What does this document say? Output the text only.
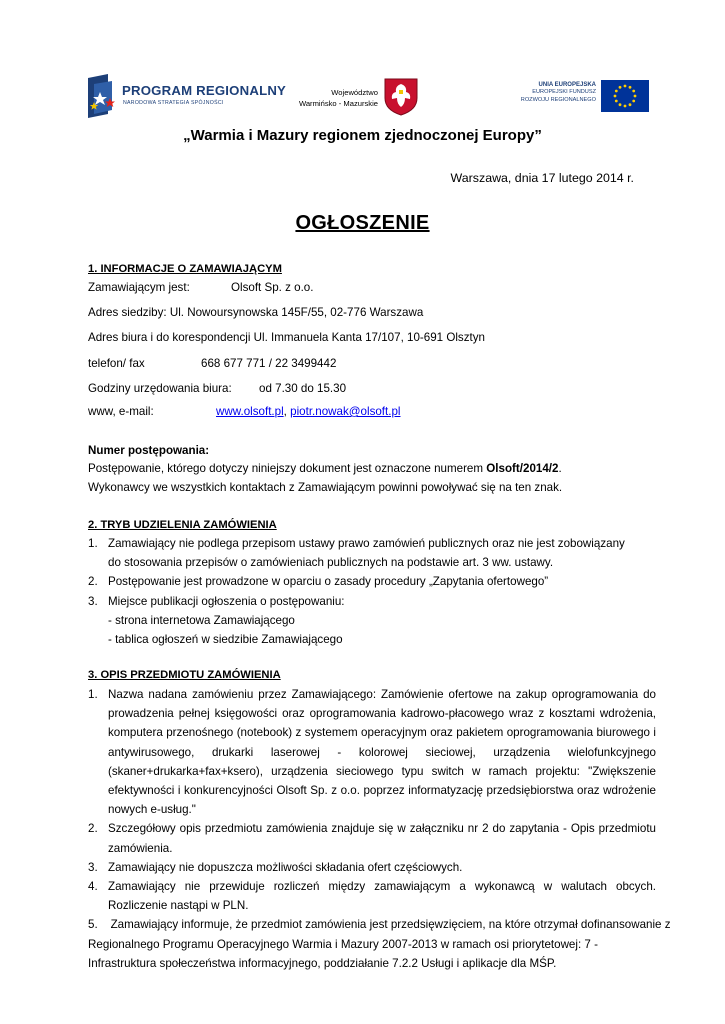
PROGRAM REGIONALNY
NARODOWA STRATEGIA SPÓJNOŚCI
Województwo
Warmińsko - Mazurskie
UNIA EUROPEJSKA
EUROPEJSKI FUNDUSZ
ROZWOJU REGIONALNEGO
„Warmia i Mazury regionem zjednoczonej Europy”
Warszawa, dnia 17 lutego 2014 r.
OGŁOSZENIE
1. INFORMACJE O ZAMAWIAJĄCYM
Zamawiającym jest:	Olsoft Sp. z o.o.
Adres siedziby: Ul. Nowoursynowska 145F/55, 02-776 Warszawa
Adres biura i do korespondencji Ul. Immanuela Kanta 17/107, 10-691 Olsztyn
telefon/ fax	668 677 771 / 22 3499442
Godziny urzędowania biura: od 7.30 do 15.30
www, e-mail:	www.olsoft.pl, piotr.nowak@olsoft.pl
Numer postępowania:
Postępowanie, którego dotyczy niniejszy dokument jest oznaczone numerem Olsoft/2014/2.
Wykonawcy we wszystkich kontaktach z Zamawiającym powinni powoływać się na ten znak.
2. TRYB UDZIELENIA ZAMÓWIENIA
1. Zamawiający nie podlega przepisom ustawy prawo zamówień publicznych oraz nie jest zobowiązany do stosowania przepisów o zamówieniach publicznych na podstawie art. 3 ww. ustawy.
2. Postępowanie jest prowadzone w oparciu o zasady procedury „Zapytania ofertowego”
3. Miejsce publikacji ogłoszenia o postępowaniu:
- strona internetowa Zamawiającego
- tablica ogłoszeń w siedzibie Zamawiającego
3. OPIS PRZEDMIOTU ZAMÓWIENIA
1. Nazwa nadana zamówieniu przez Zamawiającego: Zamówienie ofertowe na zakup oprogramowania do prowadzenia pełnej księgowości oraz oprogramowania kadrowo-płacowego wraz z kosztami wdrożenia, komputera przenośnego (notebook) z systemem operacyjnym oraz pakietem oprogramowania biurowego i antywirusowego, drukarki laserowej - kolorowej sieciowej, urządzenia wielofunkcyjnego (skaner+drukarka+fax+ksero), urządzenia sieciowego typu switch w ramach projektu: "Zwiększenie efektywności i konkurencyjności Olsoft Sp. z o.o. poprzez informatyzację przedsiębiorstwa oraz wdrożenie nowych e-usług."
2. Szczegółowy opis przedmiotu zamówienia znajduje się w załączniku nr 2 do zapytania - Opis przedmiotu zamówienia.
3. Zamawiający nie dopuszcza możliwości składania ofert częściowych.
4. Zamawiający nie przewiduje rozliczeń między zamawiającym a wykonawcą w walutach obcych. Rozliczenie nastąpi w PLN.
5. Zamawiający informuje, że przedmiot zamówienia jest przedsięwzięciem, na które otrzymał dofinansowanie z
Regionalnego Programu Operacyjnego Warmia i Mazury 2007-2013 w ramach osi priorytetowej: 7 - Infrastruktura społeczeństwa informacyjnego, poddziałanie 7.2.2 Usługi i aplikacje dla MŚP.
